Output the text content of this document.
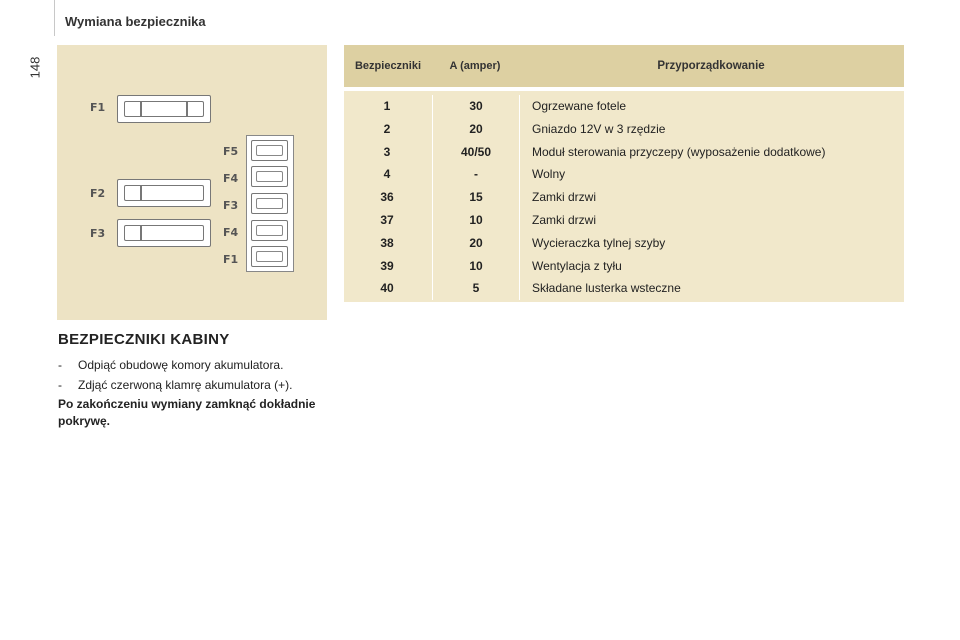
148
Wymiana bezpiecznika
F1
F2
F3
F5
F4
F3
F4
F1
Bezpieczniki	A (amper)	Przyporządkowanie
1
2
3
4
36
37
38
39
40
30
20
40/50
-
15
10
20
10
5
Ogrzewane fotele
Gniazdo 12V w 3 rzędzie
Moduł sterowania przyczepy (wyposażenie dodatkowe)
Wolny
Zamki drzwi
Zamki drzwi
Wycieraczka tylnej szyby
Wentylacja z tyłu
Składane lusterka wsteczne
BEZPIECZNIKI KABINY
- Odpiąć obudowę komory akumulatora.
- Zdjąć czerwoną klamrę akumulatora (+).
Po zakończeniu wymiany zamknąć dokładnie pokrywę.
